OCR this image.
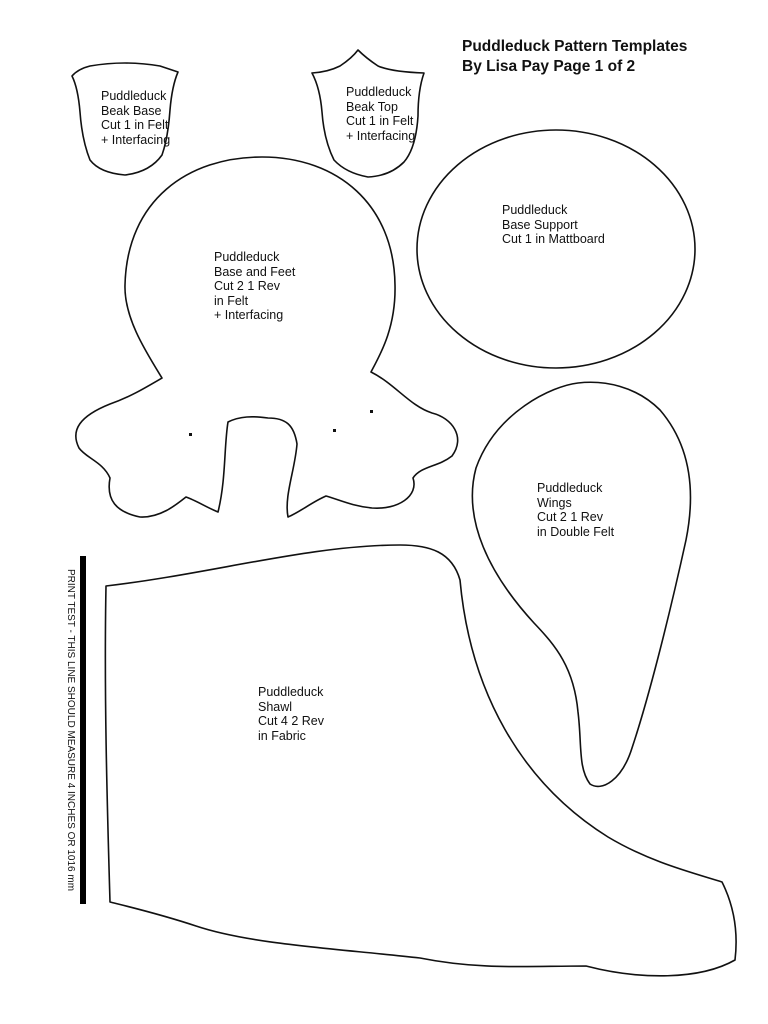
Puddleduck Pattern Templates
By Lisa Pay Page 1 of 2
Puddleduck
Beak Base
Cut 1 in Felt
+ Interfacing
Puddleduck
Beak Top
Cut 1 in Felt
+ Interfacing
Puddleduck
Base Support
Cut 1 in Mattboard
Puddleduck
Base and Feet
Cut 2 1 Rev
in Felt
+ Interfacing
Puddleduck
Wings
Cut 2 1 Rev
in Double Felt
Puddleduck
Shawl
Cut 4 2 Rev
in Fabric
PRINT TEST - THIS LINE SHOULD MEASURE 4 INCHES OR 1016 mm
